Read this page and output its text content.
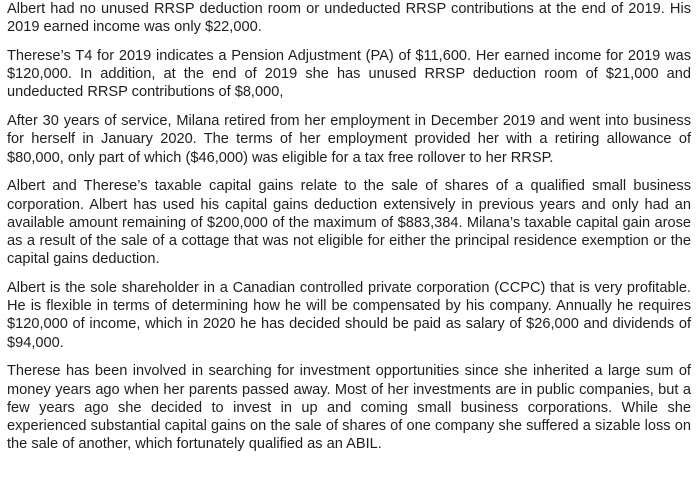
Albert had no unused RRSP deduction room or undeducted RRSP contributions at the end of 2019. His 2019 earned income was only $22,000.

Therese’s T4 for 2019 indicates a Pension Adjustment (PA) of $11,600. Her earned income for 2019 was $120,000. In addition, at the end of 2019 she has unused RRSP deduction room of $21,000 and undeducted RRSP contributions of $8,000,

After 30 years of service, Milana retired from her employment in December 2019 and went into business for herself in January 2020. The terms of her employment provided her with a retiring allowance of $80,000, only part of which ($46,000) was eligible for a tax free rollover to her RRSP.

Albert and Therese’s taxable capital gains relate to the sale of shares of a qualified small business corporation. Albert has used his capital gains deduction extensively in previous years and only had an available amount remaining of $200,000 of the maximum of $883,384. Milana’s taxable capital gain arose as a result of the sale of a cottage that was not eligible for either the principal residence exemption or the capital gains deduction.

Albert is the sole shareholder in a Canadian controlled private corporation (CCPC) that is very profitable. He is flexible in terms of determining how he will be compensated by his company. Annually he requires $120,000 of income, which in 2020 he has decided should be paid as salary of $26,000 and dividends of $94,000.

Therese has been involved in searching for investment opportunities since she inherited a large sum of money years ago when her parents passed away. Most of her investments are in public companies, but a few years ago she decided to invest in up and coming small business corporations. While she experienced substantial capital gains on the sale of shares of one company she suffered a sizable loss on the sale of another, which fortunately qualified as an ABIL.
